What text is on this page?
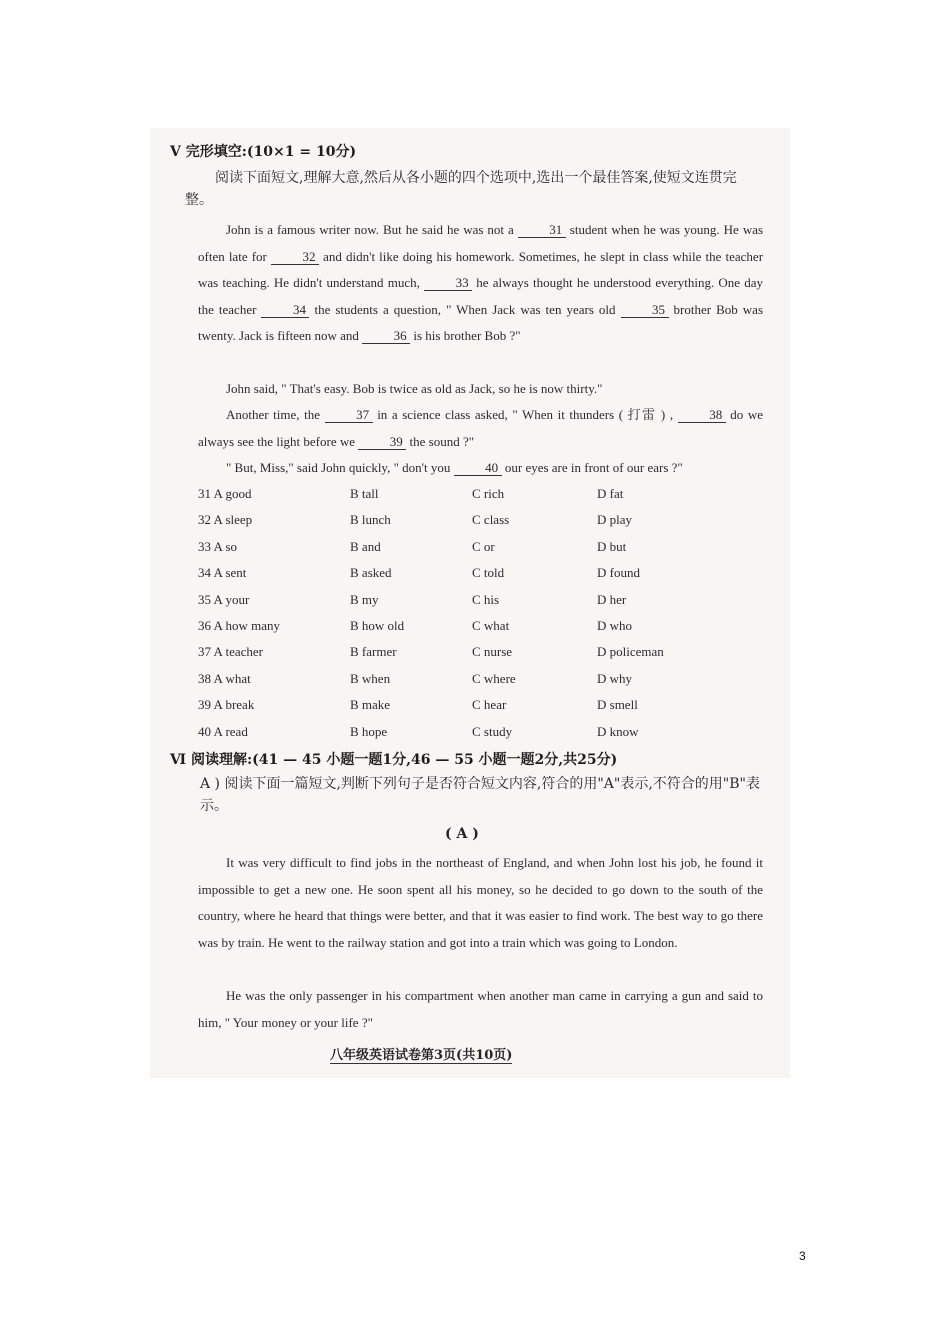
Ⅴ 完形填空:(10×1 = 10分)
阅读下面短文,理解大意,然后从各小题的四个选项中,选出一个最佳答案,使短文连贯完整。
John is a famous writer now. But he said he was not a	31 student when he was young. He was often late for	32 and didn't like doing his homework. Sometimes, he slept in class while the teacher was teaching. He didn't understand much,	33 he always thought he understood everything. One day the teacher	34 the students a question, " When Jack was ten years old	35 brother Bob was twenty. Jack is fifteen now and	36 is his brother Bob ?"
John said, " That's easy. Bob is twice as old as Jack, so he is now thirty."
Another time, the	37 in a science class asked, " When it thunders ( 打雷 ) ,	38 do we always see the light before we	39 the sound ?"
" But, Miss," said John quickly, " don't you	40 our eyes are in front of our ears ?"
31 A good	B tall	C rich	D fat
32 A sleep	B lunch	C class	D play
33 A so	B and	C or	D but
34 A sent	B asked	C told	D found
35 A your	B my	C his	D her
36 A how many	B how old	C what	D who
37 A teacher	B farmer	C nurse	D policeman
38 A what	B when	C where	D why
39 A break	B make	C hear	D smell
40 A read	B hope	C study	D know
Ⅵ 阅读理解:(41 — 45 小题一题1分,46 — 55 小题一题2分,共25分)
A ) 阅读下面一篇短文,判断下列句子是否符合短文内容,符合的用"A"表示,不符合的用"B"表示。
( A )
It was very difficult to find jobs in the northeast of England, and when John lost his job, he found it impossible to get a new one. He soon spent all his money, so he decided to go down to the south of the country, where he heard that things were better, and that it was easier to find work. The best way to go there was by train. He went to the railway station and got into a train which was going to London.
He was the only passenger in his compartment when another man came in carrying a gun and said to him, " Your money or your life ?"
八年级英语试卷第3页(共10页)
3
